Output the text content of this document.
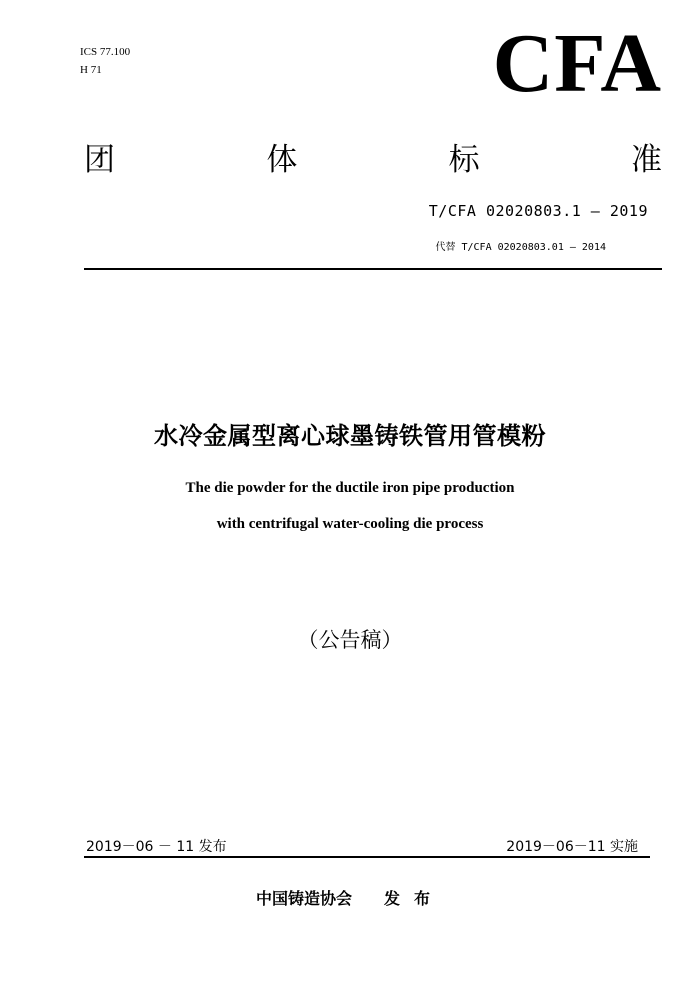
ICS 77.100
H 71	CFA
团	体	标	准
T/CFA 02020803.1 — 2019
代替 T/CFA 02020803.01 — 2014
水冷金属型离心球墨铸铁管用管模粉
The die powder for the ductile iron pipe production
with centrifugal water-cooling die process
（公告稿）
2019－06 － 11 发布	2019－06－11 实施
中国铸造协会 发布
